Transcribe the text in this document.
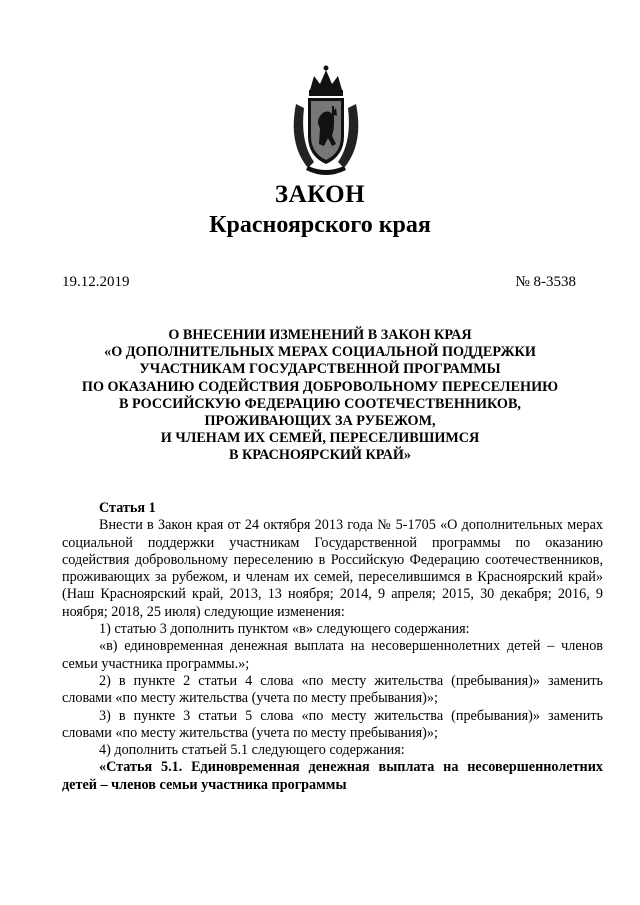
ЗАКОН
Красноярского края
19.12.2019	№ 8-3538
О ВНЕСЕНИИ ИЗМЕНЕНИЙ В ЗАКОН КРАЯ
«О ДОПОЛНИТЕЛЬНЫХ МЕРАХ СОЦИАЛЬНОЙ ПОДДЕРЖКИ
УЧАСТНИКАМ ГОСУДАРСТВЕННОЙ ПРОГРАММЫ
ПО ОКАЗАНИЮ СОДЕЙСТВИЯ ДОБРОВОЛЬНОМУ ПЕРЕСЕЛЕНИЮ
В РОССИЙСКУЮ ФЕДЕРАЦИЮ СООТЕЧЕСТВЕННИКОВ,
ПРОЖИВАЮЩИХ ЗА РУБЕЖОМ,
И ЧЛЕНАМ ИХ СЕМЕЙ, ПЕРЕСЕЛИВШИМСЯ
В КРАСНОЯРСКИЙ КРАЙ»
Статья 1
Внести в Закон края от 24 октября 2013 года № 5-1705 «О дополнительных мерах социальной поддержки участникам Государственной программы по оказанию содействия добровольному переселению в Российскую Федерацию соотечественников, проживающих за рубежом, и членам их семей, переселившимся в Красноярский край» (Наш Красноярский край, 2013, 13 ноября; 2014, 9 апреля; 2015, 30 декабря; 2016, 9 ноября; 2018, 25 июля) следующие изменения:
1) статью 3 дополнить пунктом «в» следующего содержания:
«в) единовременная денежная выплата на несовершеннолетних детей – членов семьи участника программы.»;
2) в пункте 2 статьи 4 слова «по месту жительства (пребывания)» заменить словами «по месту жительства (учета по месту пребывания)»;
3) в пункте 3 статьи 5 слова «по месту жительства (пребывания)» заменить словами «по месту жительства (учета по месту пребывания)»;
4) дополнить статьей 5.1 следующего содержания:
«Статья 5.1. Единовременная денежная выплата на несовершеннолетних
детей – членов семьи участника программы
